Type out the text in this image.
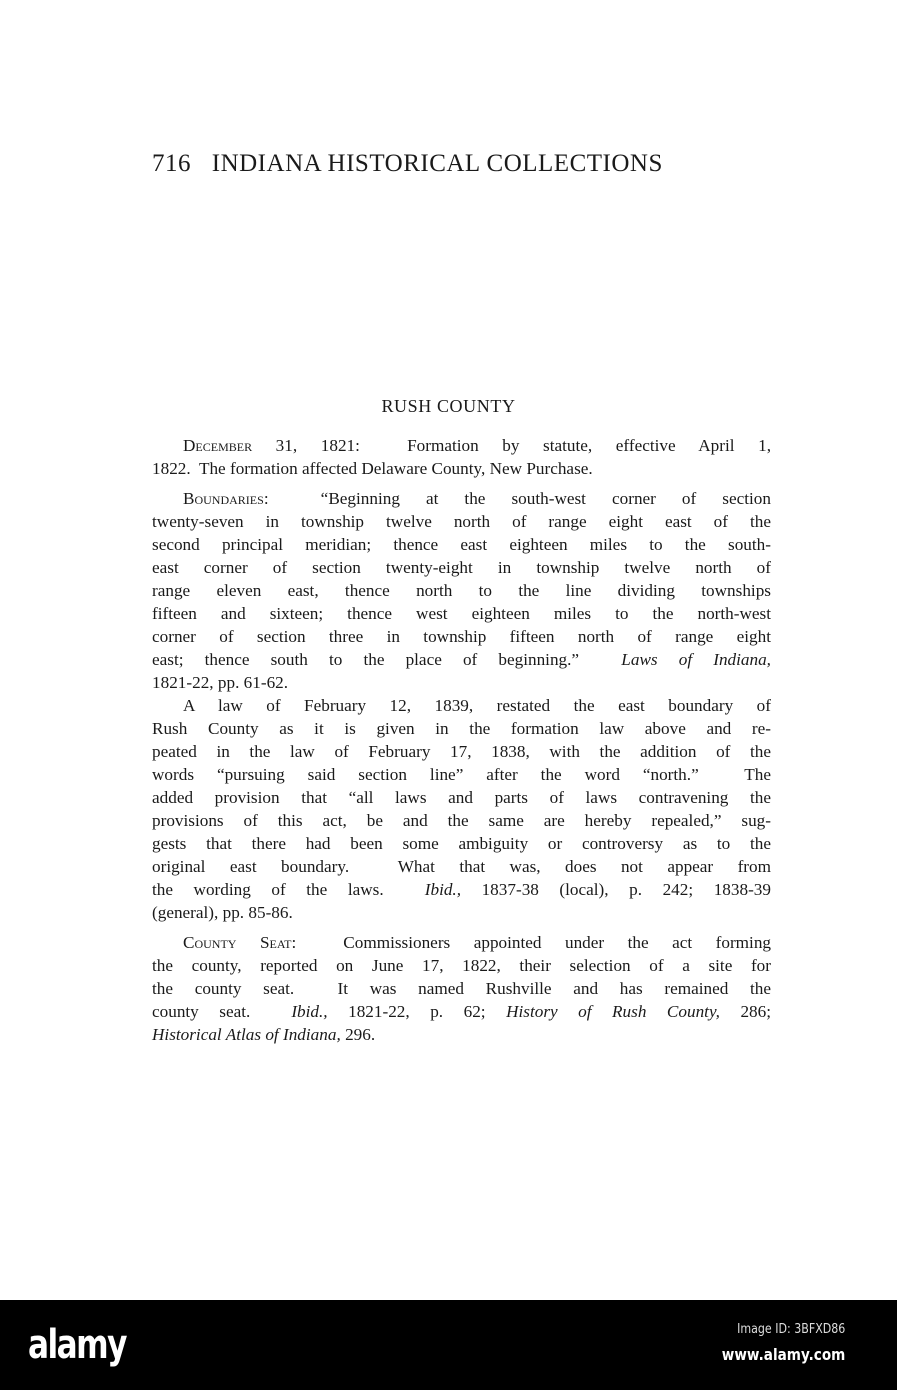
716 INDIANA HISTORICAL COLLECTIONS
RUSH COUNTY
December 31, 1821:  Formation by statute, effective April 1,
1822.  The formation affected Delaware County, New Purchase.
Boundaries:  “Beginning at the south-west corner of section
twenty-seven in township twelve north of range eight east of the
second principal meridian; thence east eighteen miles to the south-
east corner of section twenty-eight in township twelve north of
range eleven east, thence north to the line dividing townships
fifteen and sixteen; thence west eighteen miles to the north-west
corner of section three in township fifteen north of range eight
east; thence south to the place of beginning.”  Laws of Indiana,
1821-22, pp. 61-62.
A law of February 12, 1839, restated the east boundary of
Rush County as it is given in the formation law above and re-
peated in the law of February 17, 1838, with the addition of the
words “pursuing said section line” after the word “north.”  The
added provision that “all laws and parts of laws contravening the
provisions of this act, be and the same are hereby repealed,” sug-
gests that there had been some ambiguity or controversy as to the
original east boundary.  What that was, does not appear from
the wording of the laws.  Ibid., 1837-38 (local), p. 242; 1838-39
(general), pp. 85-86.
County Seat:  Commissioners appointed under the act forming
the county, reported on June 17, 1822, their selection of a site for
the county seat.  It was named Rushville and has remained the
county seat.  Ibid., 1821-22, p. 62; History of Rush County, 286;
Historical Atlas of Indiana, 296.
alamy	Image ID: 3BFXD86
www.alamy.com
